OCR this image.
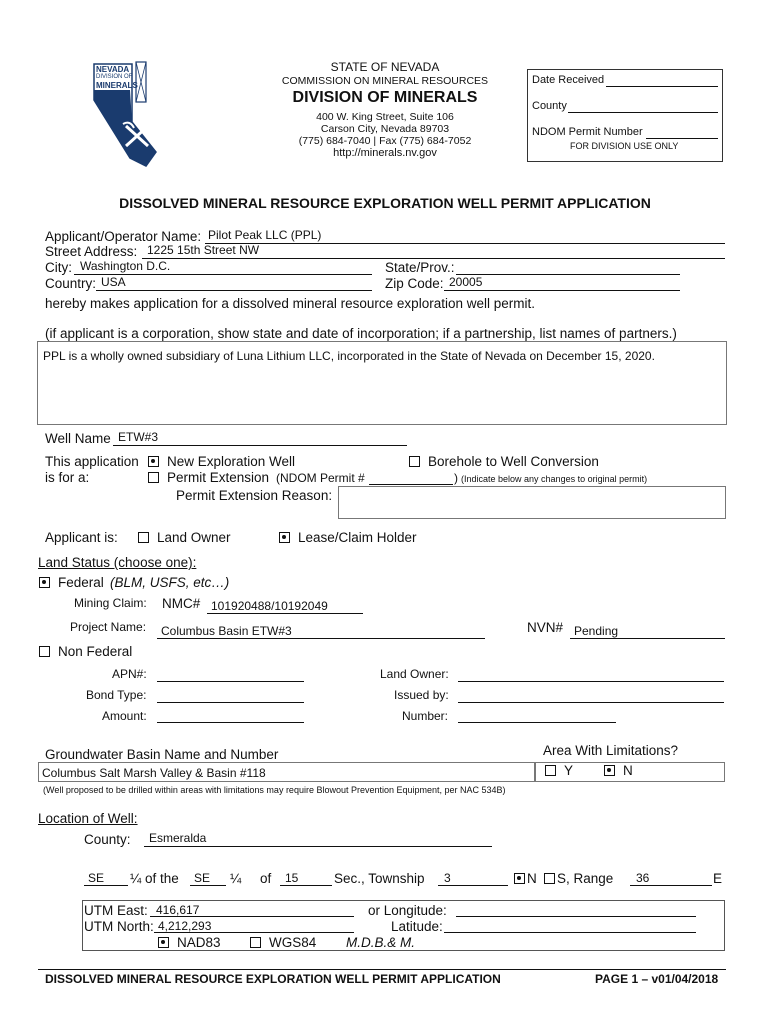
NEVADA
DIVISION OF
MINERALS
STATE OF NEVADA
COMMISSION ON MINERAL RESOURCES
DIVISION OF MINERALS
400 W. King Street, Suite 106
Carson City, Nevada 89703
(775) 684-7040 | Fax (775) 684-7052
http://minerals.nv.gov
Date Received
County
NDOM Permit Number
FOR DIVISION USE ONLY
DISSOLVED MINERAL RESOURCE EXPLORATION WELL PERMIT APPLICATION
Applicant/Operator Name: Pilot Peak LLC (PPL)
Street Address: 1225 15th Street NW
City: Washington D.C.	State/Prov.:
Country: USA	Zip Code: 20005
hereby makes application for a dissolved mineral resource exploration well permit.
(if applicant is a corporation, show state and date of incorporation; if a partnership, list names of partners.)
PPL is a wholly owned subsidiary of Luna Lithium LLC, incorporated in the State of Nevada on December 15, 2020.
Well Name ETW#3
This application
is for a:
New Exploration Well	Borehole to Well Conversion
Permit Extension (NDOM Permit #	) (Indicate below any changes to original permit)
Permit Extension Reason:
Applicant is:	Land Owner	Lease/Claim Holder
Land Status (choose one):
Federal (BLM, USFS, etc…)
Mining Claim: NMC# 101920488/10192049
Project Name: Columbus Basin ETW#3	NVN# Pending
Non Federal
APN#:
Bond Type:
Amount:
Land Owner:
Issued by:
Number:
Groundwater Basin Name and Number	Area With Limitations?
Columbus Salt Marsh Valley & Basin #118	Y	N
(Well proposed to be drilled within areas with limitations may require Blowout Prevention Equipment, per NAC 534B)
Location of Well:
County: Esmeralda
SE ¼ of the SE ¼ of 15	Sec., Township 3	N S, Range 36	E
UTM East: 416,617
UTM North: 4,212,293
or Longitude:
Latitude:
NAD83	WGS84 M.D.B.& M.
DISSOLVED MINERAL RESOURCE EXPLORATION WELL PERMIT APPLICATION	PAGE 1 – v01/04/2018
